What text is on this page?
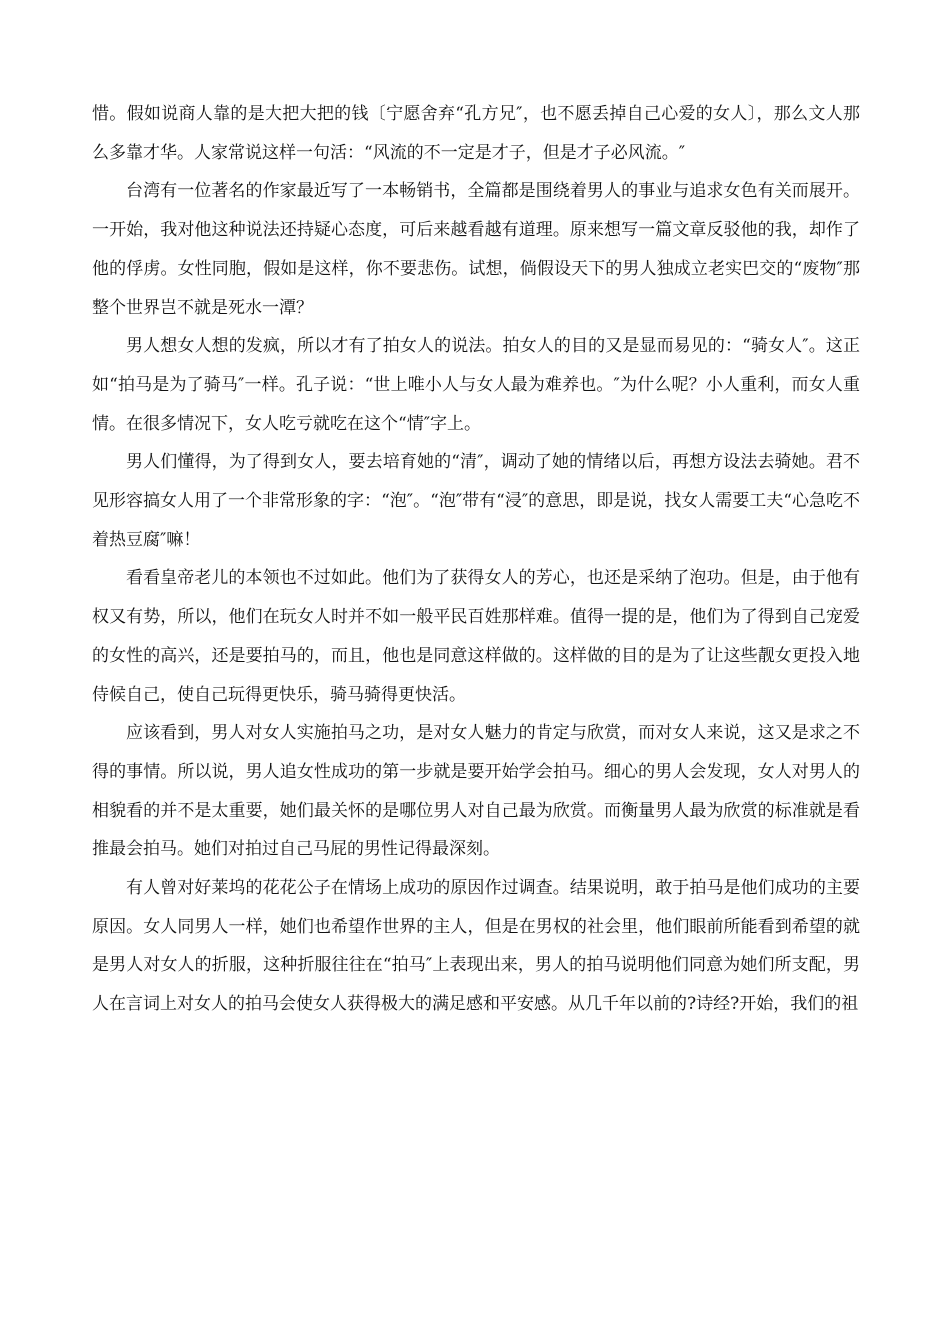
惜。假如说商人靠的是大把大把的钱〔宁愿舍弃“孔方兄″，也不愿丢掉自己心爱的女人〕，那么文人那么多靠才华。人家常说这样一句活：“风流的不一定是才子，但是才子必风流。″

台湾有一位著名的作家最近写了一本畅销书，全篇都是围绕着男人的事业与追求女色有关而展开。一开始，我对他这种说法还持疑心态度，可后来越看越有道理。原来想写一篇文章反驳他的我，却作了他的俘虏。女性同胞，假如是这样，你不要悲伤。试想，倘假设天下的男人独成立老实巴交的“废物″那整个世界岂不就是死水一潭？

男人想女人想的发疯，所以才有了拍女人的说法。拍女人的目的又是显而易见的：“骑女人″。这正如“拍马是为了骑马″一样。孔子说：“世上唯小人与女人最为难养也。″为什么呢？小人重利，而女人重情。在很多情况下，女人吃亏就吃在这个“情″字上。

男人们懂得，为了得到女人，要去培育她的“清″，调动了她的情绪以后，再想方设法去骑她。君不见形容搞女人用了一个非常形象的字：“泡″。“泡″带有“浸″的意思，即是说，找女人需要工夫“心急吃不着热豆腐″嘛！

看看皇帝老儿的本领也不过如此。他们为了获得女人的芳心，也还是采纳了泡功。但是，由于他有权又有势，所以，他们在玩女人时并不如一般平民百姓那样难。值得一提的是，他们为了得到自己宠爱的女性的高兴，还是要拍马的，而且，他也是同意这样做的。这样做的目的是为了让这些靓女更投入地侍候自己，使自己玩得更快乐，骑马骑得更快活。

应该看到，男人对女人实施拍马之功，是对女人魅力的肯定与欣赏，而对女人来说，这又是求之不得的事情。所以说，男人追女性成功的第一步就是要开始学会拍马。细心的男人会发现，女人对男人的相貌看的并不是太重要，她们最关怀的是哪位男人对自己最为欣赏。而衡量男人最为欣赏的标准就是看推最会拍马。她们对拍过自己马屁的男性记得最深刻。

有人曾对好莱坞的花花公子在情场上成功的原因作过调查。结果说明，敢于拍马是他们成功的主要原因。女人同男人一样，她们也希望作世界的主人，但是在男权的社会里，他们眼前所能看到希望的就是男人对女人的折服，这种折服往往在“拍马″上表现出来，男人的拍马说明他们同意为她们所支配，男人在言词上对女人的拍马会使女人获得极大的满足感和平安感。从几千年以前的?诗经?开始，我们的祖
